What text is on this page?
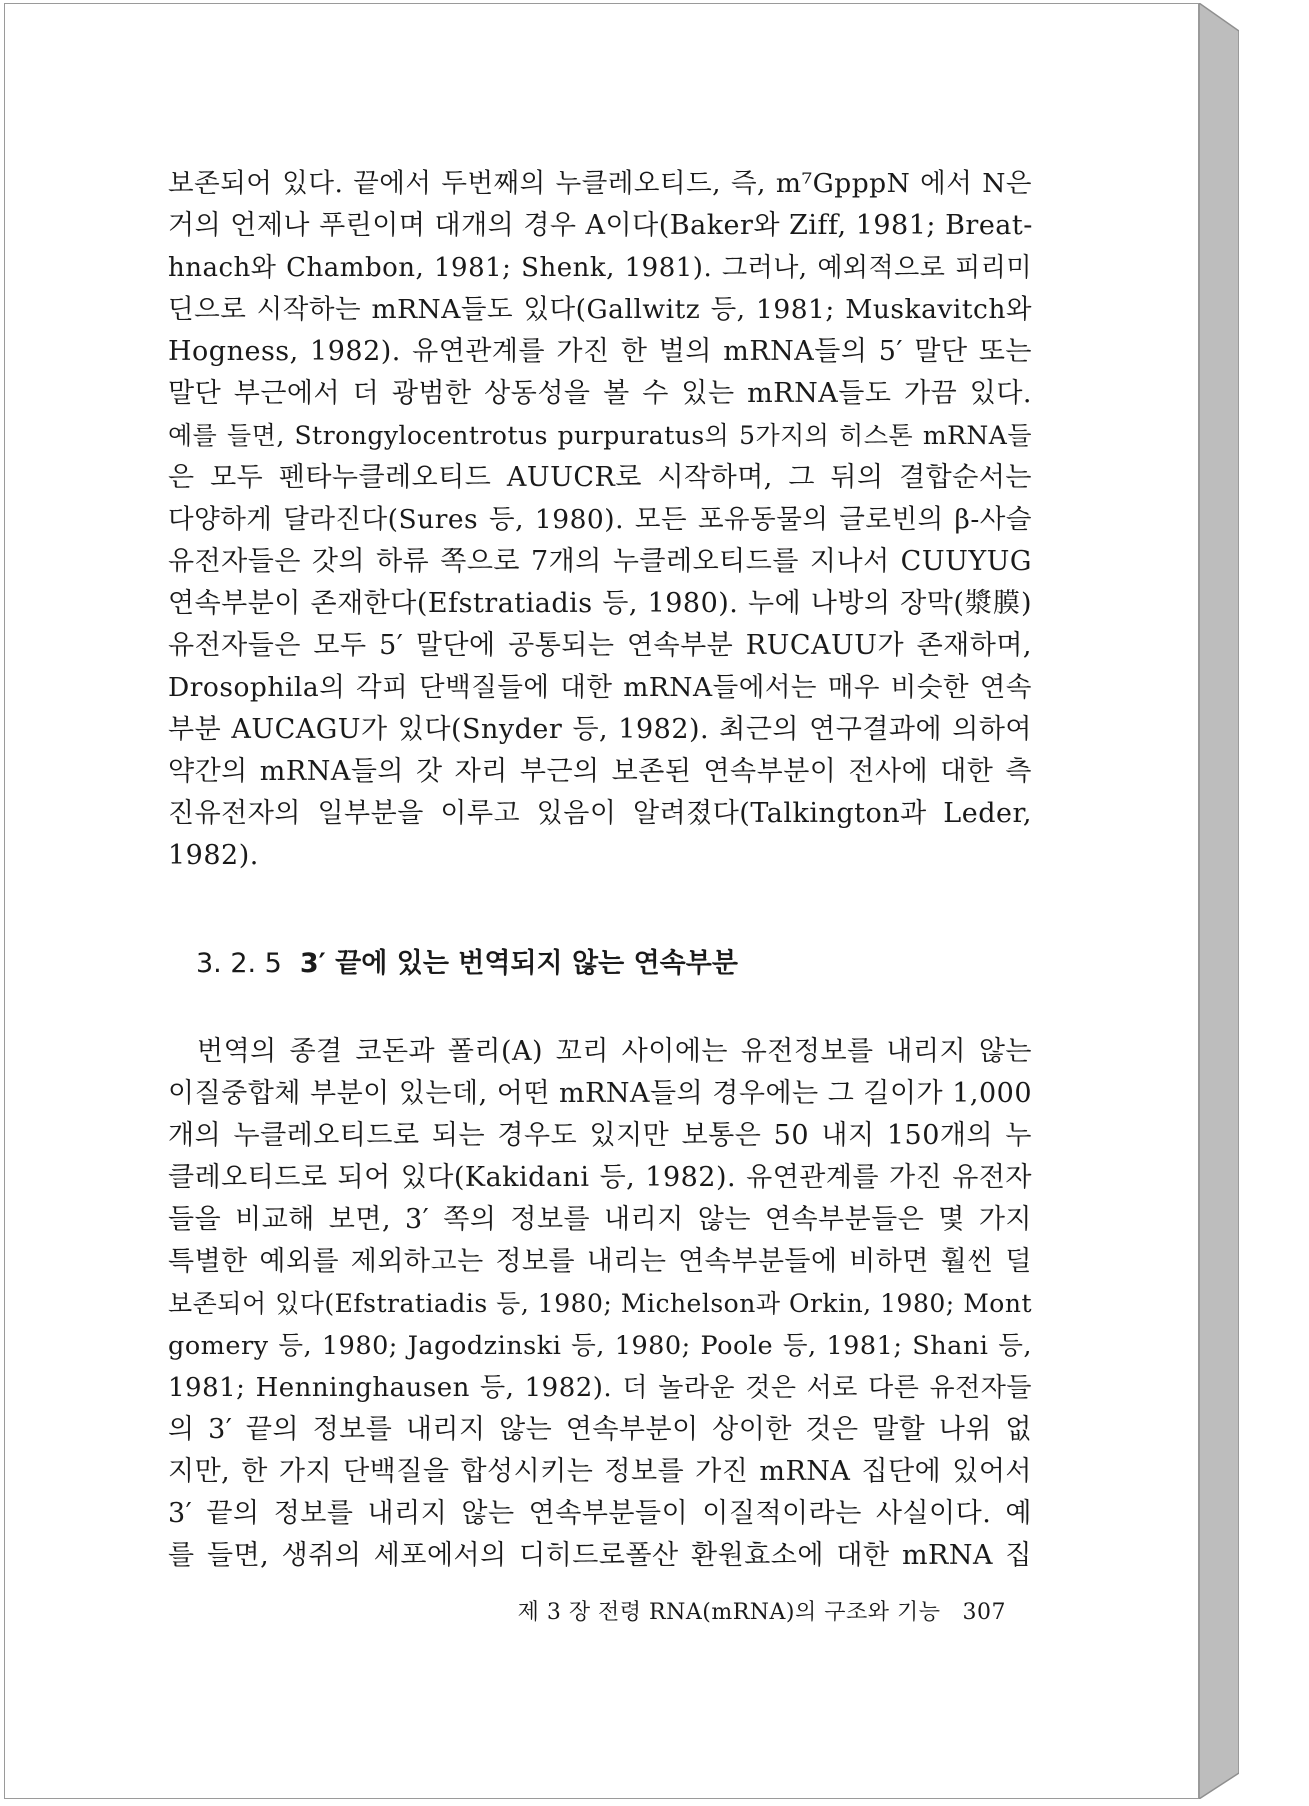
보존되어 있다. 끝에서 두번째의 누클레오티드, 즉, m⁷GpppN 에서 N은
거의 언제나 푸린이며 대개의 경우 A이다(Baker와 Ziff, 1981; Breat-
hnach와 Chambon, 1981; Shenk, 1981). 그러나, 예외적으로 피리미
딘으로 시작하는 mRNA들도 있다(Gallwitz 등, 1981; Muskavitch와
Hogness, 1982). 유연관계를 가진 한 벌의 mRNA들의 5′ 말단 또는
말단 부근에서 더 광범한 상동성을 볼 수 있는 mRNA들도 가끔 있다.
예를 들면, Strongylocentrotus purpuratus의 5가지의 히스톤 mRNA들
은 모두 펜타누클레오티드 AUUCR로 시작하며, 그 뒤의 결합순서는
다양하게 달라진다(Sures 등, 1980). 모든 포유동물의 글로빈의 β-사슬
유전자들은 갓의 하류 쪽으로 7개의 누클레오티드를 지나서 CUUYUG
연속부분이 존재한다(Efstratiadis 등, 1980). 누에 나방의 장막(漿膜)
유전자들은 모두 5′ 말단에 공통되는 연속부분 RUCAUU가 존재하며,
Drosophila의 각피 단백질들에 대한 mRNA들에서는 매우 비슷한 연속
부분 AUCAGU가 있다(Snyder 등, 1982). 최근의 연구결과에 의하여
약간의 mRNA들의 갓 자리 부근의 보존된 연속부분이 전사에 대한 측
진유전자의 일부분을 이루고 있음이 알려졌다(Talkington과 Leder,
1982).
3. 2. 5 3′ 끝에 있는 번역되지 않는 연속부분
번역의 종결 코돈과 폴리(A) 꼬리 사이에는 유전정보를 내리지 않는
이질중합체 부분이 있는데, 어떤 mRNA들의 경우에는 그 길이가 1,000
개의 누클레오티드로 되는 경우도 있지만 보통은 50 내지 150개의 누
클레오티드로 되어 있다(Kakidani 등, 1982). 유연관계를 가진 유전자
들을 비교해 보면, 3′ 쪽의 정보를 내리지 않는 연속부분들은 몇 가지
특별한 예외를 제외하고는 정보를 내리는 연속부분들에 비하면 훨씬 덜
보존되어 있다(Efstratiadis 등, 1980; Michelson과 Orkin, 1980; Mont
gomery 등, 1980; Jagodzinski 등, 1980; Poole 등, 1981; Shani 등,
1981; Henninghausen 등, 1982). 더 놀라운 것은 서로 다른 유전자들
의 3′ 끝의 정보를 내리지 않는 연속부분이 상이한 것은 말할 나위 없
지만, 한 가지 단백질을 합성시키는 정보를 가진 mRNA 집단에 있어서
3′ 끝의 정보를 내리지 않는 연속부분들이 이질적이라는 사실이다. 예
를 들면, 생쥐의 세포에서의 디히드로폴산 환원효소에 대한 mRNA 집
제 3 장 전령 RNA(mRNA)의 구조와 기능 307
